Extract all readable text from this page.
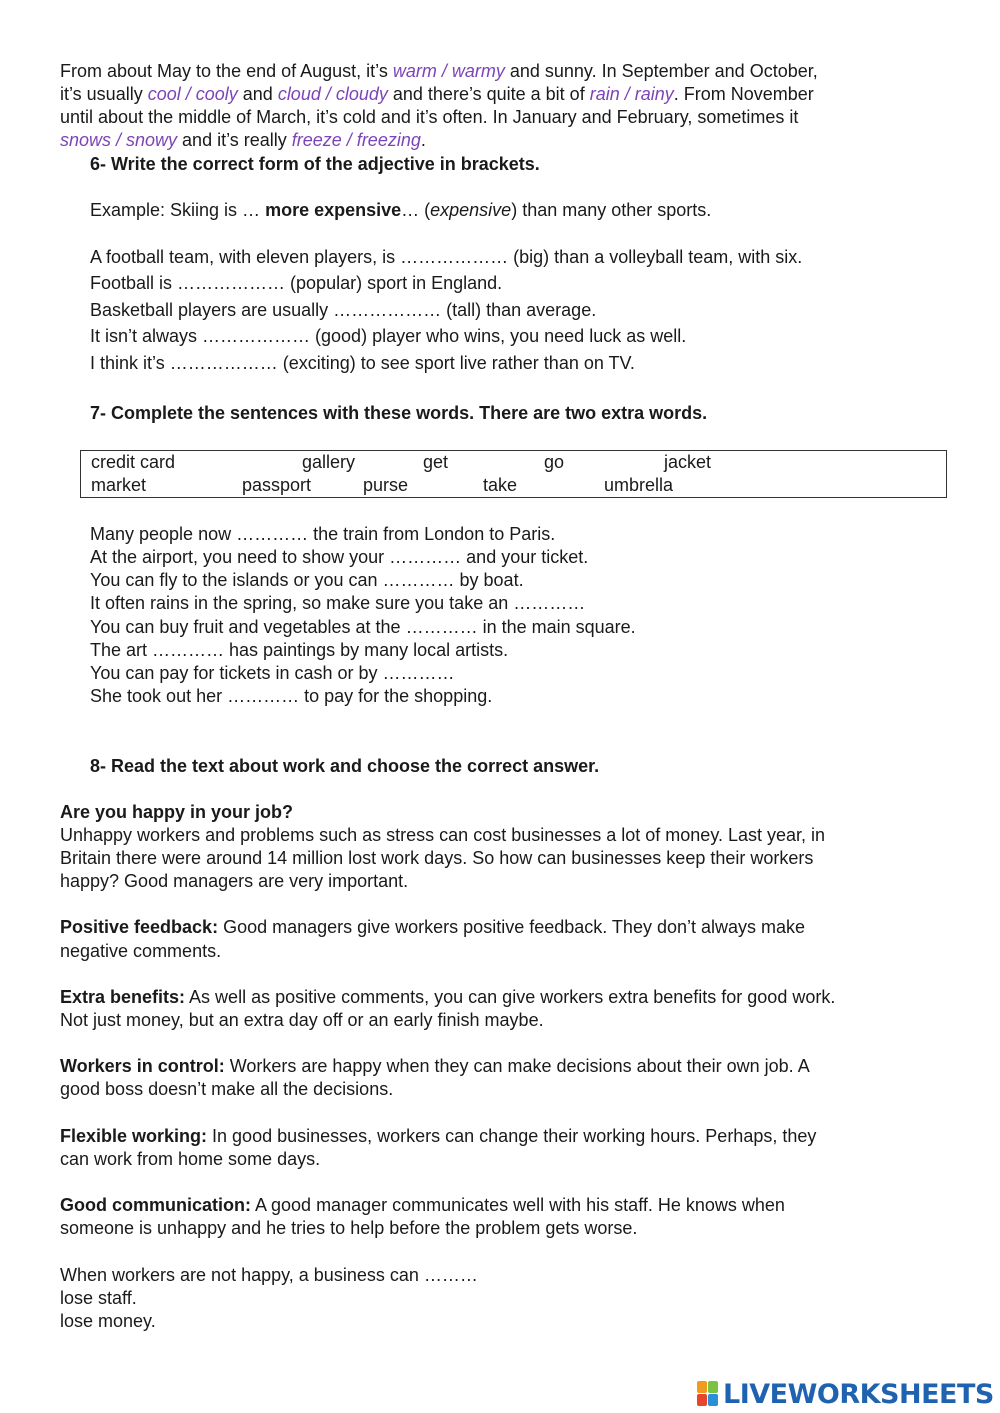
From about May to the end of August, it’s warm / warmy and sunny. In September and October,
it’s usually cool / cooly and cloud / cloudy and there’s quite a bit of rain / rainy. From November
until about the middle of March, it’s cold and it’s often. In January and February, sometimes it
snows / snowy and it’s really freeze / freezing.
6- Write the correct form of the adjective in brackets.
Example: Skiing is … more expensive… (expensive) than many other sports.
A football team, with eleven players, is ……………… (big) than a volleyball team, with six.
Football is ……………… (popular) sport in England.
Basketball players are usually ……………… (tall) than average.
It isn’t always ……………… (good) player who wins, you need luck as well.
I think it’s ……………… (exciting) to see sport live rather than on TV.
7- Complete the sentences with these words. There are two extra words.
credit card	gallery	get	go	jacket
market	passport	purse	take	umbrella
Many people now ………… the train from London to Paris.
At the airport, you need to show your ………… and your ticket.
You can fly to the islands or you can ………… by boat.
It often rains in the spring, so make sure you take an …………
You can buy fruit and vegetables at the ………… in the main square.
The art ………… has paintings by many local artists.
You can pay for tickets in cash or by …………
She took out her ………… to pay for the shopping.
8- Read the text about work and choose the correct answer.
Are you happy in your job?
Unhappy workers and problems such as stress can cost businesses a lot of money. Last year, in
Britain there were around 14 million lost work days. So how can businesses keep their workers
happy? Good managers are very important.
Positive feedback: Good managers give workers positive feedback. They don’t always make
negative comments.
Extra benefits: As well as positive comments, you can give workers extra benefits for good work.
Not just money, but an extra day off or an early finish maybe.
Workers in control: Workers are happy when they can make decisions about their own job. A
good boss doesn’t make all the decisions.
Flexible working: In good businesses, workers can change their working hours. Perhaps, they
can work from home some days.
Good communication: A good manager communicates well with his staff. He knows when
someone is unhappy and he tries to help before the problem gets worse.
When workers are not happy, a business can ………
lose staff.
lose money.
LIVEWORKSHEETS
